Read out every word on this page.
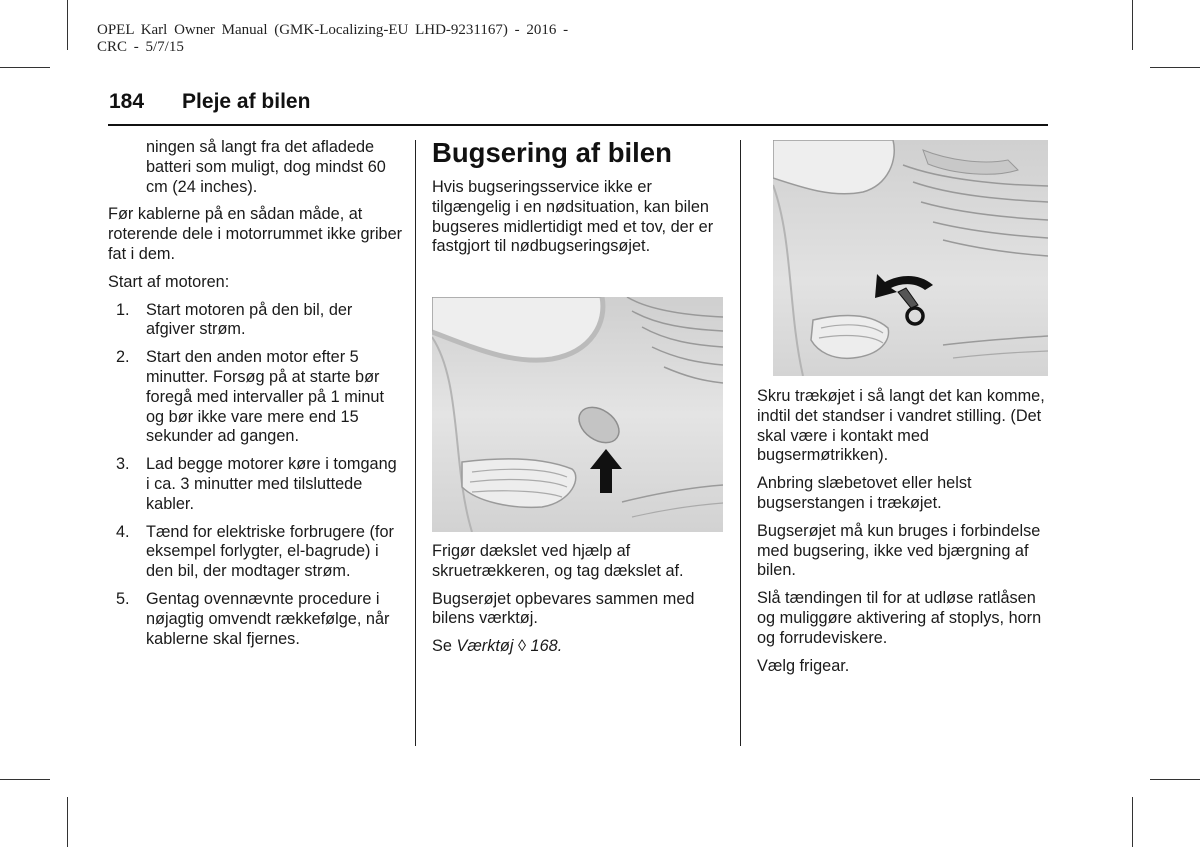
OPEL Karl Owner Manual (GMK-Localizing-EU LHD-9231167) - 2016 -
CRC - 5/7/15
184 Pleje af bilen

ningen så langt fra det afladede batteri som muligt, dog mindst 60 cm (24 inches).

Før kablerne på en sådan måde, at roterende dele i motorrummet ikke griber fat i dem.

Start af motoren:

1. Start motoren på den bil, der afgiver strøm.
2. Start den anden motor efter 5 minutter. Forsøg på at starte bør foregå med intervaller på 1 minut og bør ikke vare mere end 15 sekunder ad gangen.
3. Lad begge motorer køre i tomgang i ca. 3 minutter med tilsluttede kabler.
4. Tænd for elektriske forbrugere (for eksempel forlygter, el-bagrude) i den bil, der modtager strøm.
5. Gentag ovennævnte procedure i nøjagtig omvendt rækkefølge, når kablerne skal fjernes.
Bugsering af bilen

Hvis bugseringsservice ikke er tilgængelig i en nødsituation, kan bilen bugseres midlertidigt med et tov, der er fastgjort til nødbugseringsøjet.

Frigør dækslet ved hjælp af skruetrækkeren, og tag dækslet af.

Bugserøjet opbevares sammen med bilens værktøj.

Se Værktøj ◊ 168.

Skru trækøjet i så langt det kan komme, indtil det standser i vandret stilling. (Det skal være i kontakt med bugsermøtrikken).

Anbring slæbetovet eller helst bugserstangen i trækøjet.

Bugserøjet må kun bruges i forbindelse med bugsering, ikke ved bjærgning af bilen.

Slå tændingen til for at udløse ratlåsen og muliggøre aktivering af stoplys, horn og forrudeviskere.

Vælg frigear.
